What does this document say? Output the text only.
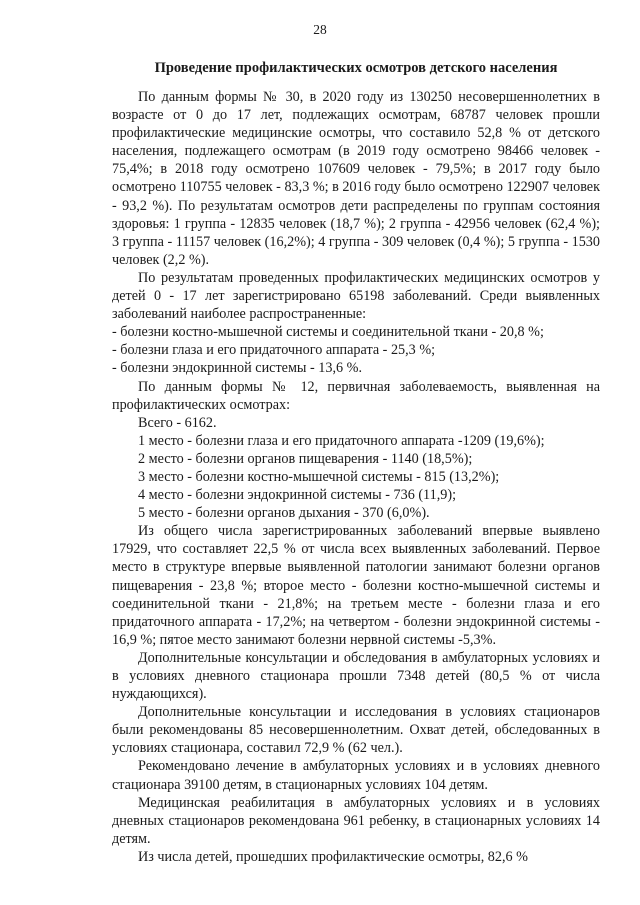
28
Проведение профилактических осмотров детского населения

По данным формы № 30, в 2020 году из 130250 несовершеннолетних в возрасте от 0 до 17 лет, подлежащих осмотрам, 68787 человек прошли профилактические медицинские осмотры, что составило 52,8 % от детского населения, подлежащего осмотрам (в 2019 году осмотрено 98466 человек - 75,4%; в 2018 году осмотрено 107609 человек - 79,5%; в 2017 году было осмотрено 110755 человек - 83,3 %; в 2016 году было осмотрено 122907 человек - 93,2 %). По результатам осмотров дети распределены по группам состояния здоровья: 1 группа - 12835 человек (18,7 %); 2 группа - 42956 человек (62,4 %); 3 группа - 11157 человек (16,2%); 4 группа - 309 человек (0,4 %); 5 группа - 1530 человек (2,2 %).

По результатам проведенных профилактических медицинских осмотров у детей 0 - 17 лет зарегистрировано 65198 заболеваний. Среди выявленных заболеваний наиболее распространенные:

- болезни костно-мышечной системы и соединительной ткани - 20,8 %;

- болезни глаза и его придаточного аппарата - 25,3 %;

- болезни эндокринной системы - 13,6 %.

По данным формы № 12, первичная заболеваемость, выявленная на профилактических осмотрах:

Всего - 6162.

1 место - болезни глаза и его придаточного аппарата -1209 (19,6%);

2 место - болезни органов пищеварения - 1140 (18,5%);

3 место - болезни костно-мышечной системы - 815 (13,2%);

4 место - болезни эндокринной системы - 736 (11,9);

5 место - болезни органов дыхания - 370 (6,0%).

Из общего числа зарегистрированных заболеваний впервые выявлено 17929, что составляет 22,5 % от числа всех выявленных заболеваний. Первое место в структуре впервые выявленной патологии занимают болезни органов пищеварения - 23,8 %; второе место - болезни костно-мышечной системы и соединительной ткани - 21,8%; на третьем месте - болезни глаза и его придаточного аппарата - 17,2%; на четвертом - болезни эндокринной системы - 16,9 %; пятое место занимают болезни нервной системы -5,3%.

Дополнительные консультации и обследования в амбулаторных условиях и в условиях дневного стационара прошли 7348 детей (80,5 % от числа нуждающихся).

Дополнительные консультации и исследования в условиях стационаров были рекомендованы 85 несовершеннолетним. Охват детей, обследованных в условиях стационара, составил 72,9 % (62 чел.).

Рекомендовано лечение в амбулаторных условиях и в условиях дневного стационара 39100 детям, в стационарных условиях 104 детям.

Медицинская реабилитация в амбулаторных условиях и в условиях дневных стационаров рекомендована 961 ребенку, в стационарных условиях 14 детям.

Из числа детей, прошедших профилактические осмотры, 82,6 %
